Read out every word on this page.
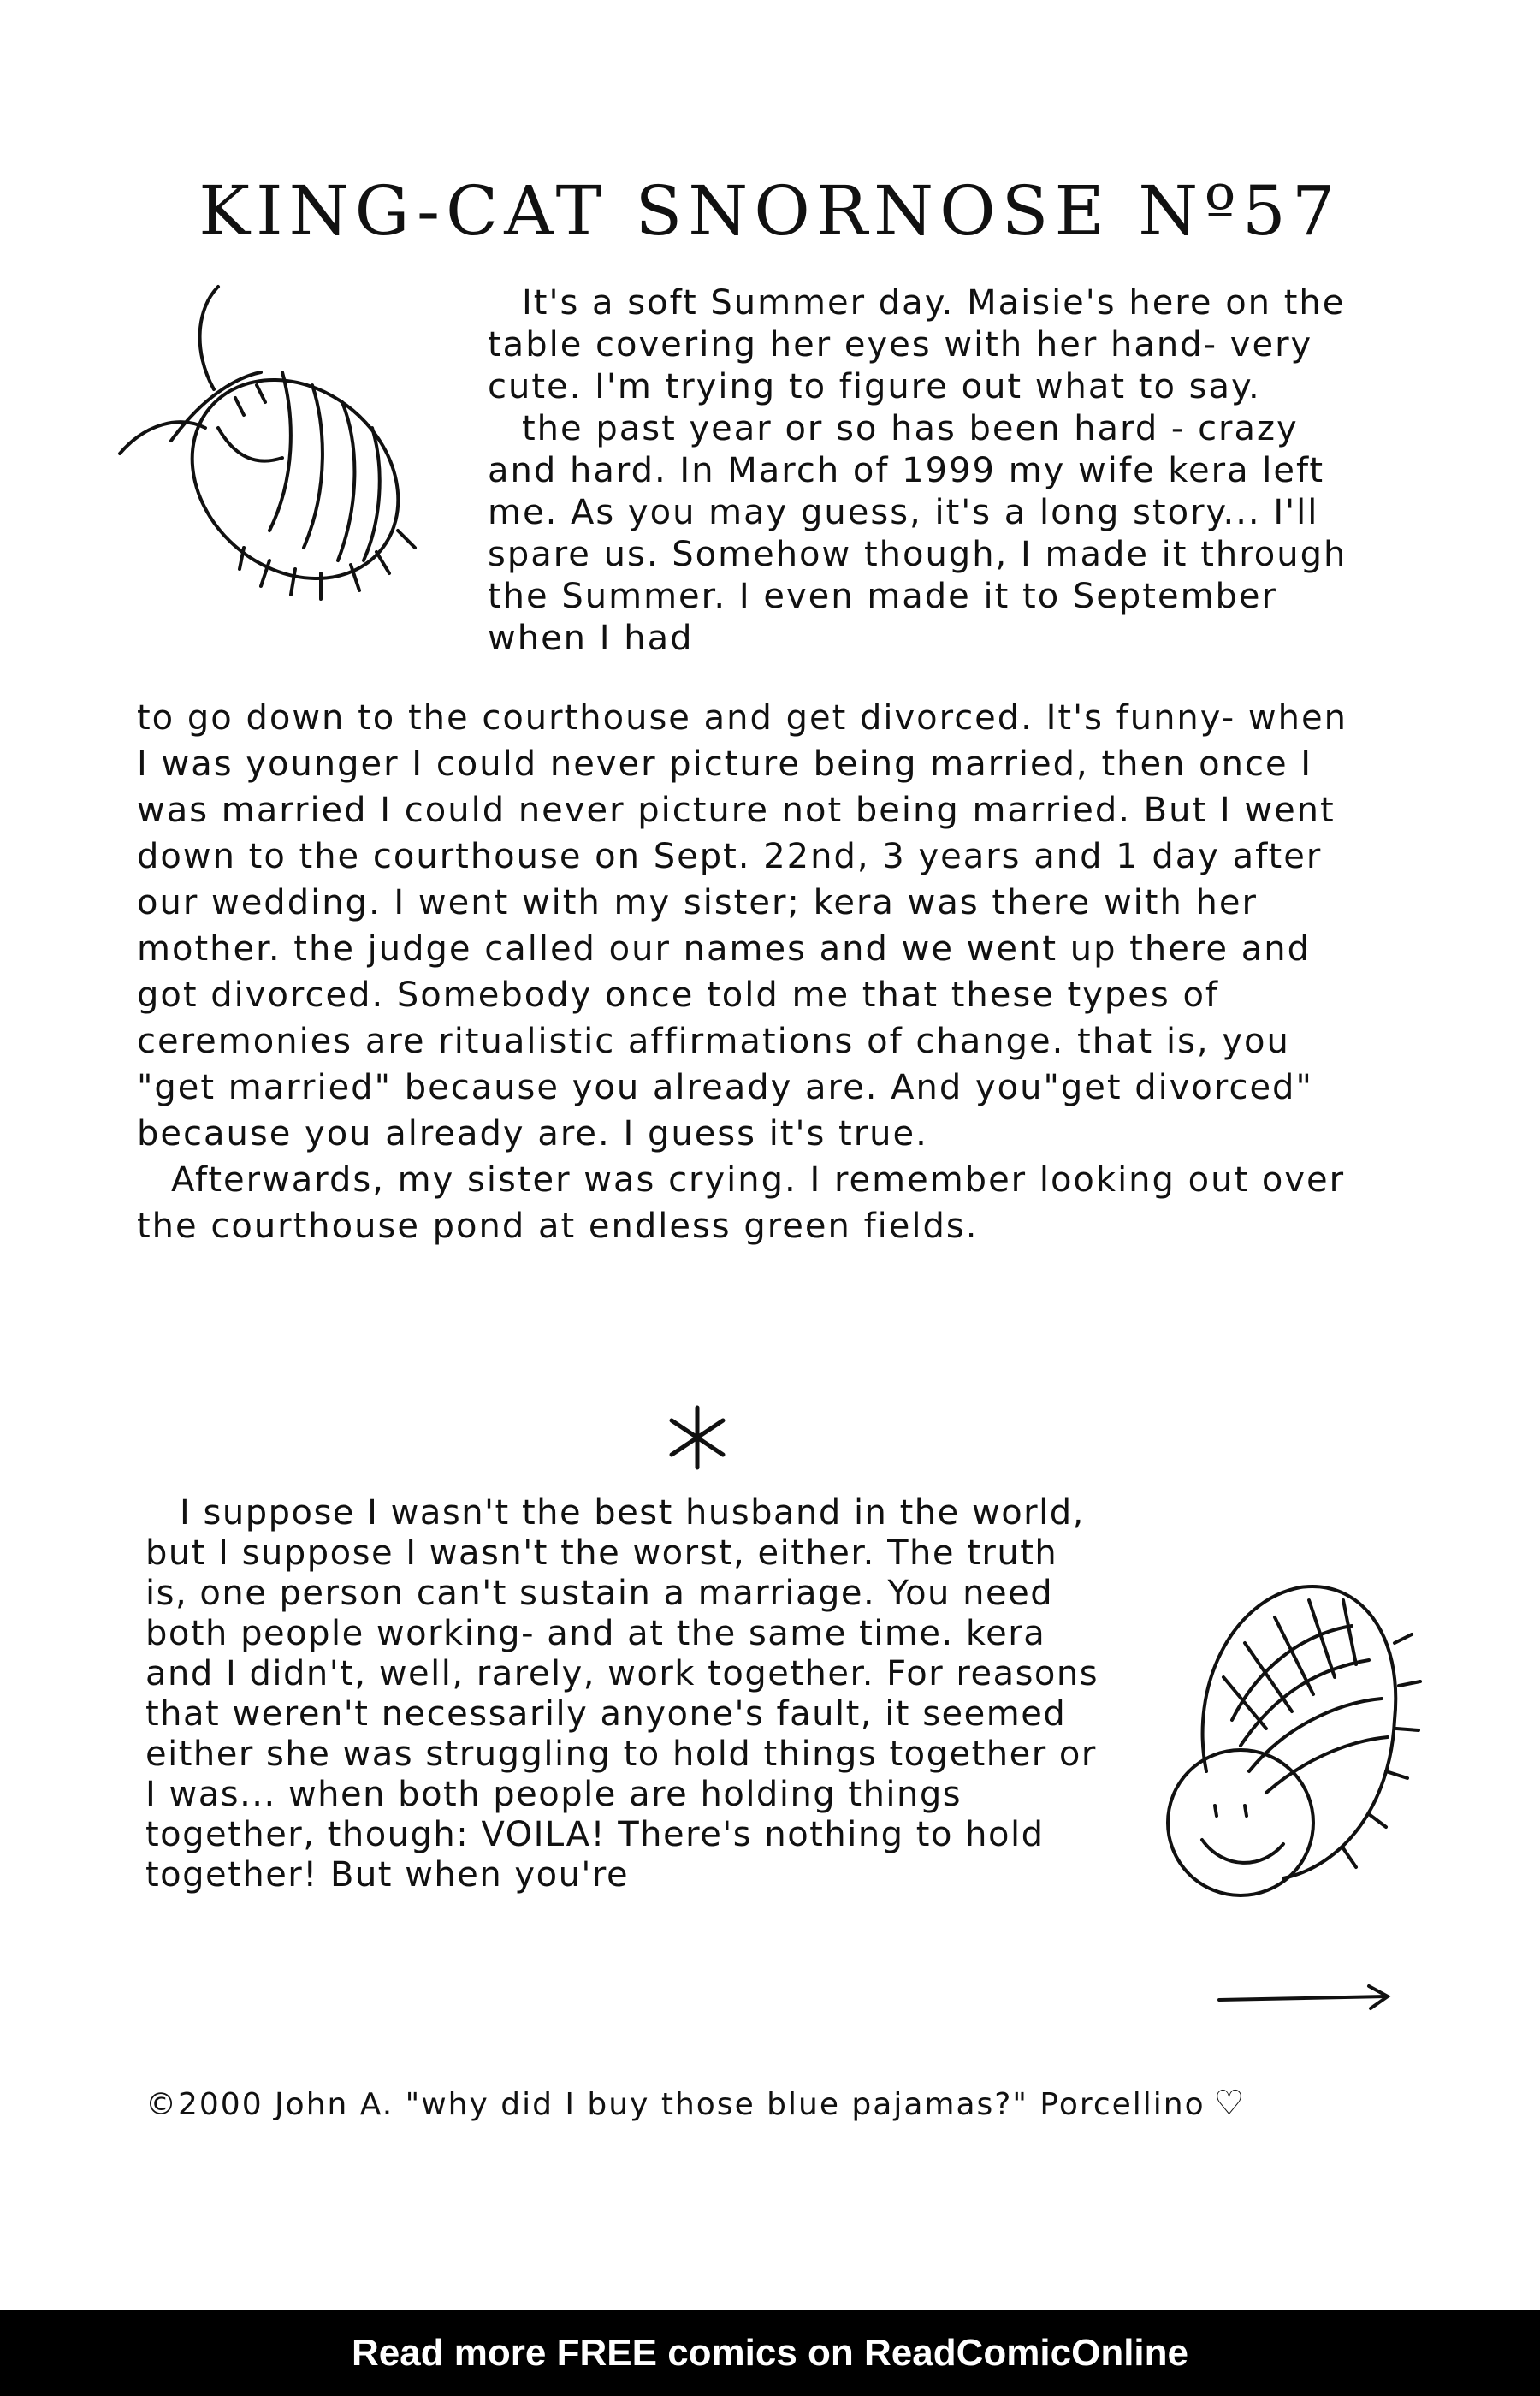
KING-CAT SNORNOSE Nº57

It's a soft Summer day. Maisie's here on the table covering her eyes with her hand- very cute. I'm trying to figure out what to say.

the past year or so has been hard - crazy and hard. In March of 1999 my wife kera left me. As you may guess, it's a long story... I'll spare us. Somehow though, I made it through the Summer. I even made it to September when I had

to go down to the courthouse and get divorced. It's funny- when I was younger I could never picture being married, then once I was married I could never picture not being married. But I went down to the courthouse on Sept. 22nd, 3 years and 1 day after our wedding. I went with my sister; kera was there with her mother. the judge called our names and we went up there and got divorced. Somebody once told me that these types of ceremonies are ritualistic affirmations of change. that is, you "get married" because you already are. And you"get divorced" because you already are. I guess it's true.

Afterwards, my sister was crying. I remember looking out over the courthouse pond at endless green fields.

I suppose I wasn't the best husband in the world, but I suppose I wasn't the worst, either. The truth is, one person can't sustain a marriage. You need both people working- and at the same time. kera and I didn't, well, rarely, work together. For reasons that weren't necessarily anyone's fault, it seemed either she was struggling to hold things together or I was... when both people are holding things together, though: VOILA! There's nothing to hold together! But when you're

©2000 John A. "why did I buy those blue pajamas?" Porcellino ♡
Read more FREE comics on ReadComicOnline
